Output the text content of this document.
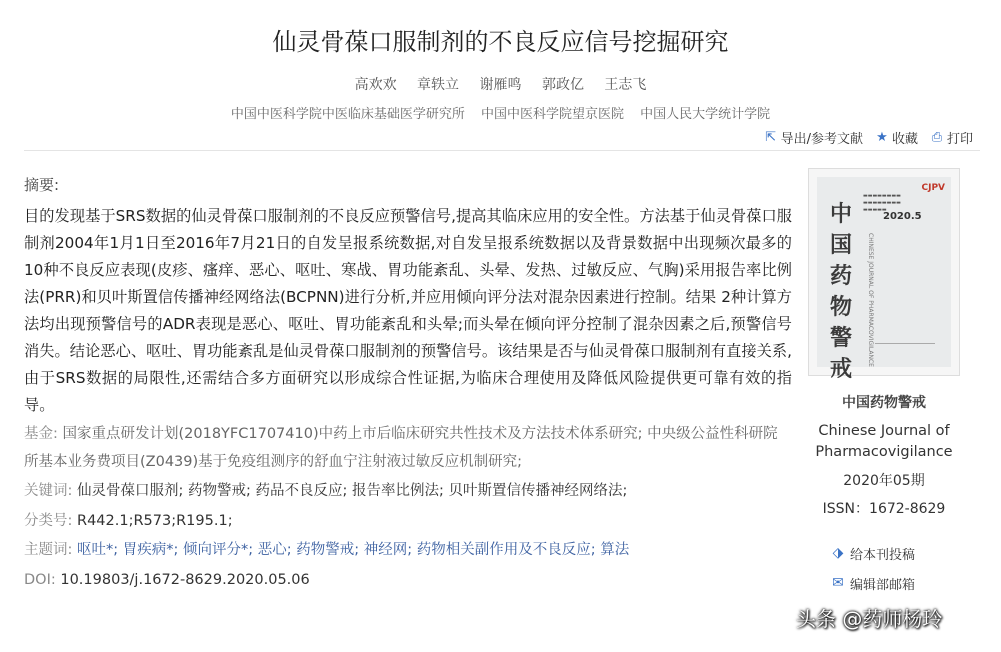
仙灵骨葆口服制剂的不良反应信号挖掘研究
高欢欢 章轶立 谢雁鸣 郭政亿 王志飞
中国中医科学院中医临床基础医学研究所 中国中医科学院望京医院 中国人民大学统计学院
⇱ 导出/参考文献 ★ 收藏 ⎙ 打印
摘要:
目的发现基于SRS数据的仙灵骨葆口服制剂的不良反应预警信号,提高其临床应用的安全性。方法基于仙灵骨葆口服制剂2004年1月1日至2016年7月21日的自发呈报系统数据,对自发呈报系统数据以及背景数据中出现频次最多的10种不良反应表现(皮疹、瘙痒、恶心、呕吐、寒战、胃功能紊乱、头晕、发热、过敏反应、气胸)采用报告率比例法(PRR)和贝叶斯置信传播神经网络法(BCPNN)进行分析,并应用倾向评分法对混杂因素进行控制。结果 2种计算方法均出现预警信号的ADR表现是恶心、呕吐、胃功能紊乱和头晕;而头晕在倾向评分控制了混杂因素之后,预警信号消失。结论恶心、呕吐、胃功能紊乱是仙灵骨葆口服制剂的预警信号。该结果是否与仙灵骨葆口服制剂有直接关系,由于SRS数据的局限性,还需结合多方面研究以形成综合性证据,为临床合理使用及降低风险提供更可靠有效的指导。
基金: 国家重点研发计划(2018YFC1707410)中药上市后临床研究共性技术及方法技术体系研究; 中央级公益性科研院所基本业务费项目(Z0439)基于免疫组测序的舒血宁注射液过敏反应机制研究;
关键词: 仙灵骨葆口服剂; 药物警戒; 药品不良反应; 报告率比例法; 贝叶斯置信传播神经网络法;
分类号: R442.1;R573;R195.1;
主题词: 呕吐*; 胃疾病*; 倾向评分*; 恶心; 药物警戒; 神经网; 药物相关副作用及不良反应; 算法
DOI: 10.19803/j.1672-8629.2020.05.06
CJPV
中国药物警戒
▬▬▬▬▬▬▬▬
▬▬▬▬▬▬▬▬
▬▬▬▬▬
2020.5
CHINESE JOURNAL OF PHARMACOVIGILANCE
中国药物警戒
Chinese Journal of Pharmacovigilance
2020年05期
ISSN：1672-8629
⬗ 给本刊投稿
✉ 编辑部邮箱
头条 @药师杨玲
